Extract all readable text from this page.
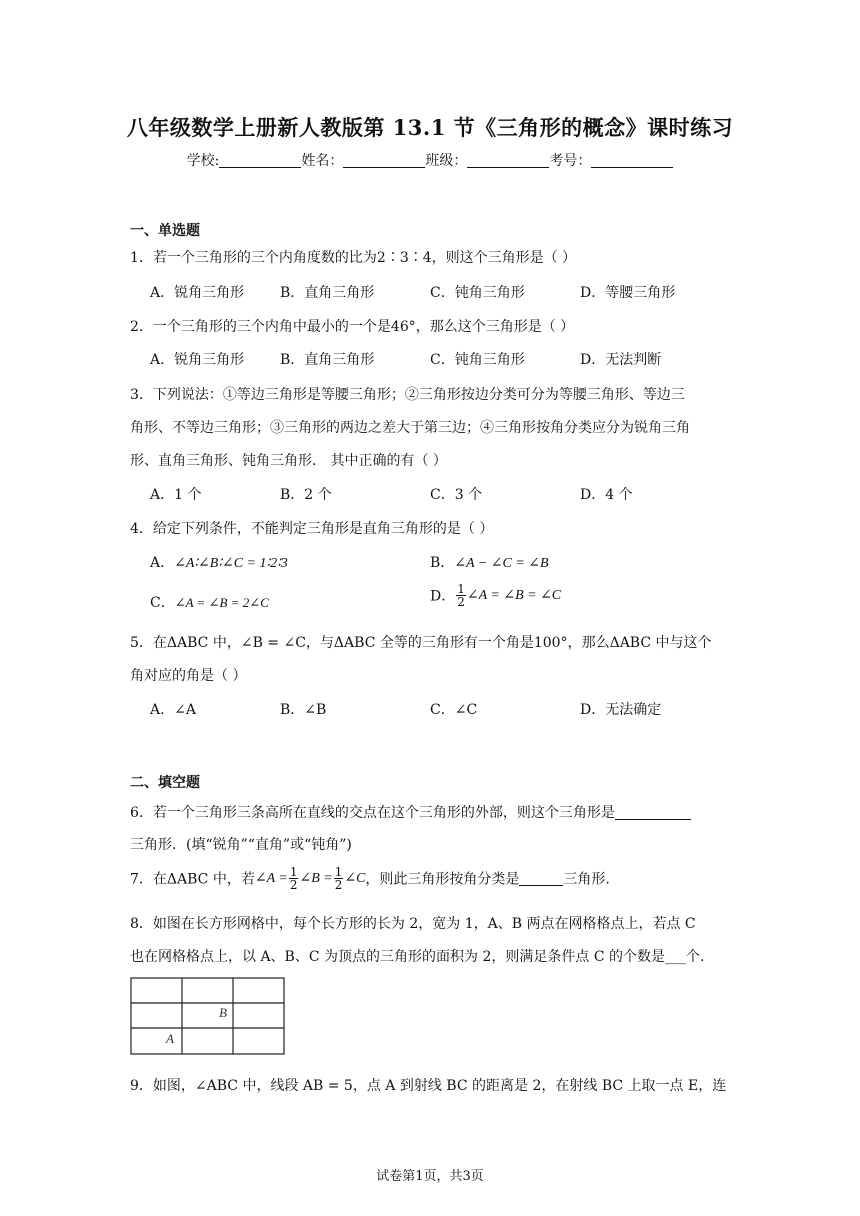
八年级数学上册新人教版第 13.1 节《三角形的概念》课时练习
学校:	姓名：	班级：	考号：
一、单选题
1．若一个三角形的三个内角度数的比为2∶3∶4，则这个三角形是（ ）
A．锐角三角形	B．直角三角形	C．钝角三角形	D．等腰三角形
2．一个三角形的三个内角中最小的一个是46°，那么这个三角形是（ ）
A．锐角三角形	B．直角三角形	C．钝角三角形	D．无法判断
3．下列说法：①等边三角形是等腰三角形；②三角形按边分类可分为等腰三角形、等边三
角形、不等边三角形；③三角形的两边之差大于第三边；④三角形按角分类应分为锐角三角
形、直角三角形、钝角三角形． 其中正确的有（ ）
A．1 个	B．2 个	C．3 个	D．4 个
4．给定下列条件，不能判定三角形是直角三角形的是（ ）
A．∠A∶∠B∶∠C = 1∶2∶3	B．∠A − ∠C = ∠B
C．∠A = ∠B = 2∠C	D． $\frac{1}{2}$ ∠A = ∠B = ∠C
5．在ΔABC 中，∠B = ∠C，与ΔABC 全等的三角形有一个角是100°，那么ΔABC 中与这个
角对应的角是（ ）
A．∠A	B．∠B	C．∠C	D．无法确定
二、填空题
6．若一个三角形三条高所在直线的交点在这个三角形的外部，则这个三角形是
三角形．(填“锐角”“直角”或“钝角”)
7．在ΔABC 中，若∠A = $\frac{1}{2}$ ∠B = $\frac{1}{2}$ ∠C，则此三角形按角分类是	三角形.
8．如图在长方形网格中，每个长方形的长为 2，宽为 1，A、B 两点在网格格点上，若点 C
也在网格格点上，以 A、B、C 为顶点的三角形的面积为 2，则满足条件点 C 的个数是___个.
B
A
9．如图，∠ABC 中，线段 AB = 5，点 A 到射线 BC 的距离是 2，在射线 BC 上取一点 E，连
试卷第1页，共3页
